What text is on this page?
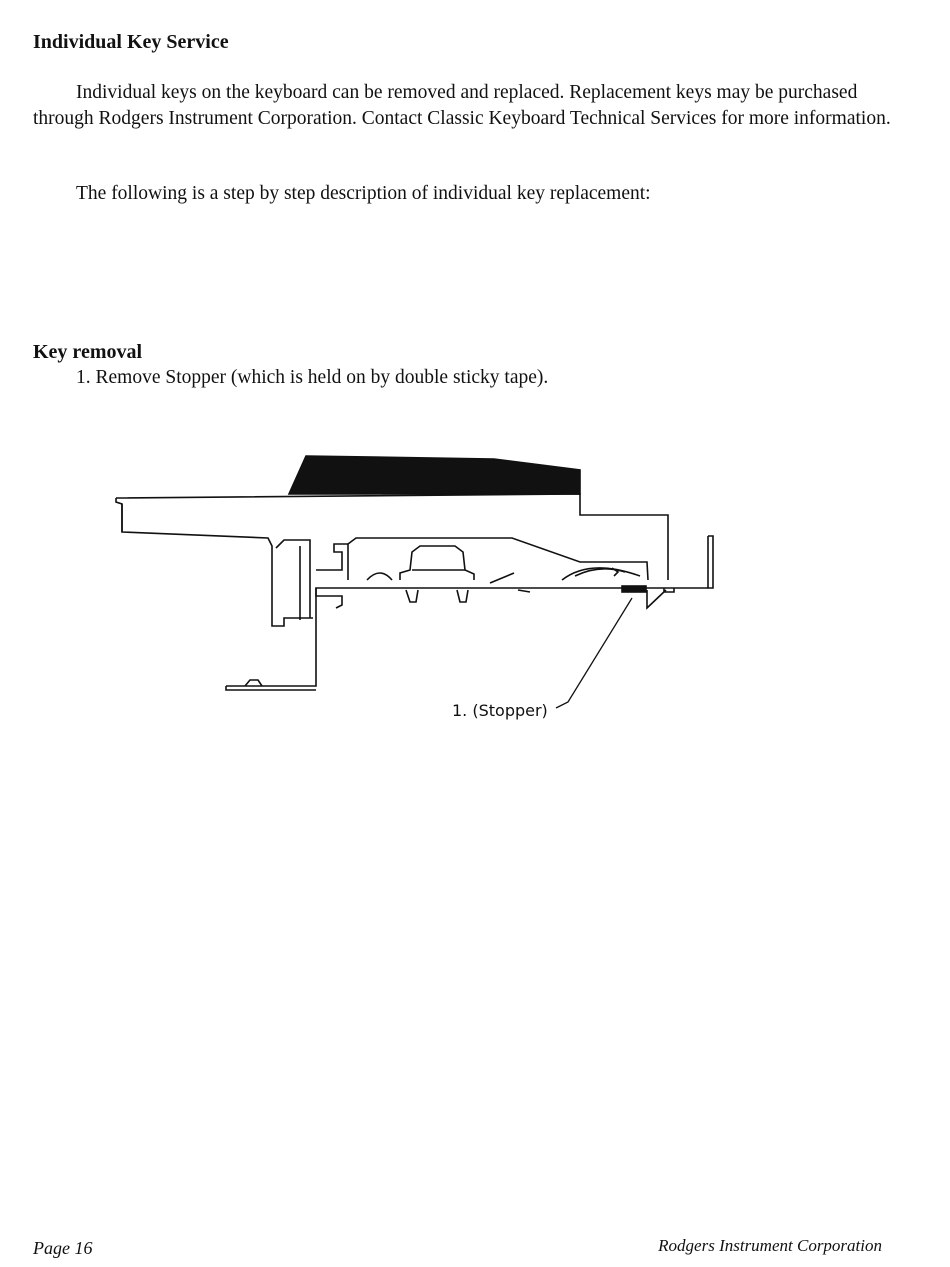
Individual Key Service

Individual keys on the keyboard can be removed and replaced. Replacement keys may be purchased through Rodgers Instrument Corporation. Contact Classic Keyboard Technical Services for more information.

The following is a step by step description of individual key replacement:

Key removal

1. Remove Stopper (which is held on by double sticky tape).

1. (Stopper)
Page 16	Rodgers Instrument Corporation
